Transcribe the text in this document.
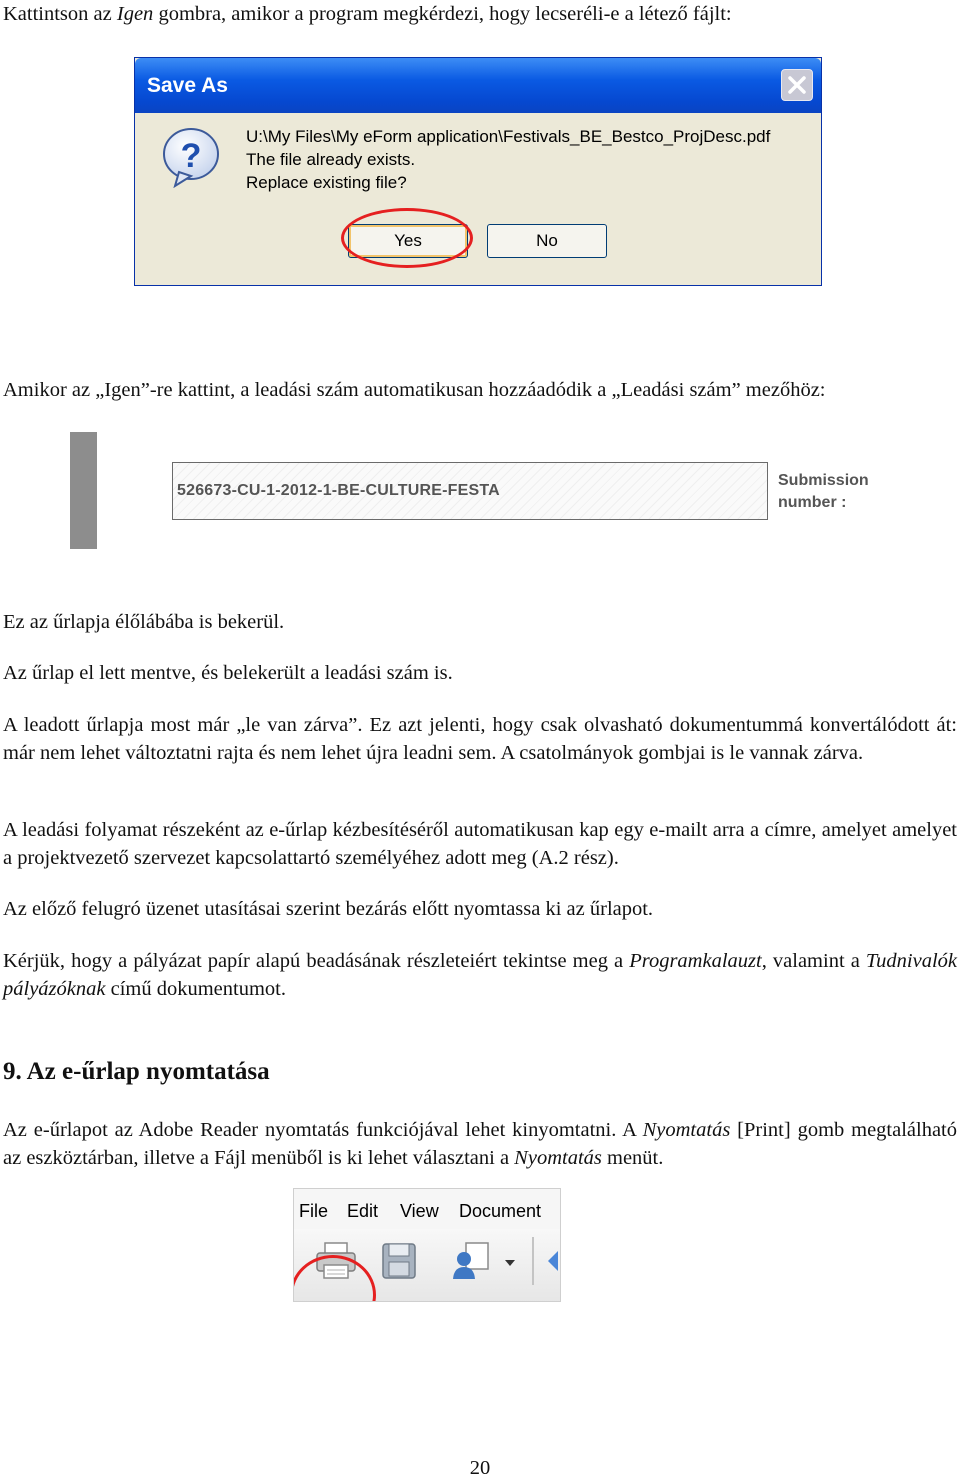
Kattintson az Igen gombra, amikor a program megkérdezi, hogy lecseréli-e a létező fájlt:

Save As
?
U:\My Files\My eForm application\Festivals_BE_Bestco_ProjDesc.pdf
The file already exists.
Replace existing file?
Yes	No

Amikor az „Igen”-re kattint, a leadási szám automatikusan hozzáadódik a „Leadási szám” mezőhöz:

526673-CU-1-2012-1-BE-CULTURE-FESTA
Submission
number :

Ez az űrlapja élőlábába is bekerül.

Az űrlap el lett mentve, és belekerült a leadási szám is.

A leadott űrlapja most már „le van zárva”. Ez azt jelenti, hogy csak olvasható dokumentummá konvertálódott át: már nem lehet változtatni rajta és nem lehet újra leadni sem. A csatolmányok gombjai is le vannak zárva.

A leadási folyamat részeként az e-űrlap kézbesítéséről automatikusan kap egy e-mailt arra a címre, amelyet amelyet a projektvezető szervezet kapcsolattartó személyéhez adott meg (A.2 rész).

Az előző felugró üzenet utasításai szerint bezárás előtt nyomtassa ki az űrlapot.

Kérjük, hogy a pályázat papír alapú beadásának részleteiért tekintse meg a Programkalauzt, valamint a Tudnivalók pályázóknak című dokumentumot.

9. Az e-űrlap nyomtatása

Az e-űrlapot az Adobe Reader nyomtatás funkciójával lehet kinyomtatni. A Nyomtatás [Print] gomb megtalálható az eszköztárban, illetve a Fájl menüből is ki lehet választani a Nyomtatás menüt.

File Edit View Document
20
